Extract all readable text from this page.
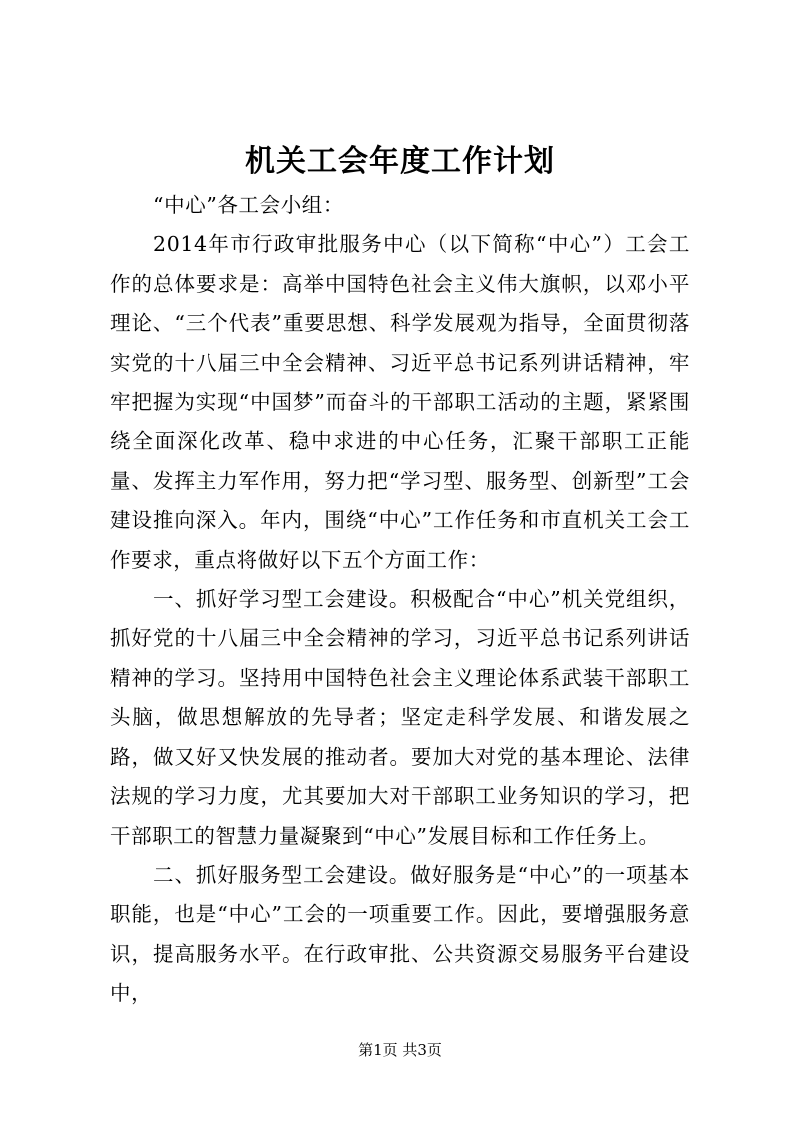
机关工会年度工作计划

“中心”各工会小组：

2014年市行政审批服务中心（以下简称“中心”）工会工作的总体要求是：高举中国特色社会主义伟大旗帜，以邓小平理论、“三个代表”重要思想、科学发展观为指导，全面贯彻落实党的十八届三中全会精神、习近平总书记系列讲话精神，牢牢把握为实现“中国梦”而奋斗的干部职工活动的主题，紧紧围绕全面深化改革、稳中求进的中心任务，汇聚干部职工正能量、发挥主力军作用，努力把“学习型、服务型、创新型”工会建设推向深入。年内，围绕“中心”工作任务和市直机关工会工作要求，重点将做好以下五个方面工作：

一、抓好学习型工会建设。积极配合“中心”机关党组织，抓好党的十八届三中全会精神的学习，习近平总书记系列讲话精神的学习。坚持用中国特色社会主义理论体系武装干部职工头脑，做思想解放的先导者；坚定走科学发展、和谐发展之路，做又好又快发展的推动者。要加大对党的基本理论、法律法规的学习力度，尤其要加大对干部职工业务知识的学习，把干部职工的智慧力量凝聚到“中心”发展目标和工作任务上。

二、抓好服务型工会建设。做好服务是“中心”的一项基本职能，也是“中心”工会的一项重要工作。因此，要增强服务意识，提高服务水平。在行政审批、公共资源交易服务平台建设中，

第1页 共3页
